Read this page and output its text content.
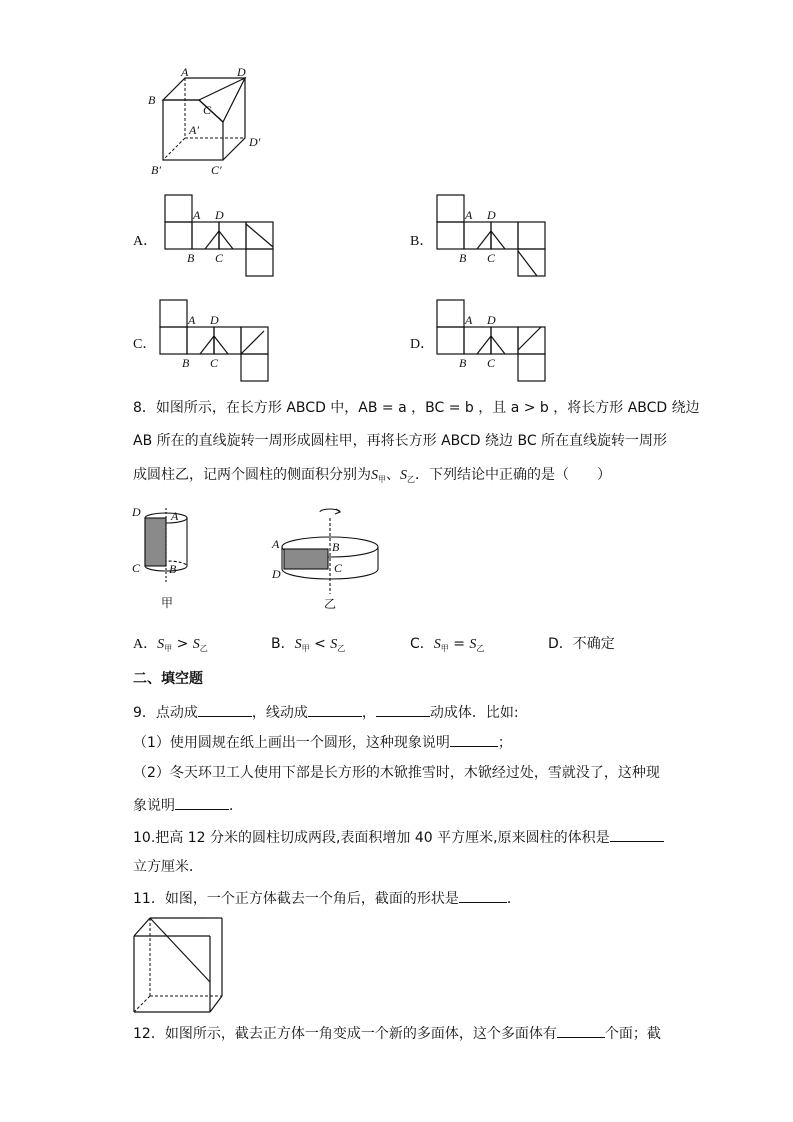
A	D
B
C
A′
D′
B′	C′
A．
A D
B C
B．
A D
B C
C．
A D
B C
D．
A D
B C
8．如图所示，在长方形 ABCD 中，AB = a ，BC = b ，且 a > b ，将长方形 ABCD 绕边
AB 所在的直线旋转一周形成圆柱甲，再将长方形 ABCD 绕边 BC 所在直线旋转一周形
成圆柱乙，记两个圆柱的侧面积分别为$S_甲$、$S_乙$．下列结论中正确的是（　　）
D	A
C B
甲
A	B
D	C
乙
A．$S_甲 > S_乙$	B．$S_甲 < S_乙$	C．$S_甲 = S_乙$	D．不确定
二、填空题
9．点动成	，线动成	，	动成体．比如:
（1）使用圆规在纸上画出一个圆形，这种现象说明	；
（2）冬天环卫工人使用下部是长方形的木锨推雪时，木锨经过处，雪就没了，这种现
象说明	．
10.把高 12 分米的圆柱切成两段,表面积增加 40 平方厘米,原来圆柱的体积是
立方厘米．
11．如图，一个正方体截去一个角后，截面的形状是	．
12．如图所示，截去正方体一角变成一个新的多面体，这个多面体有	个面；截
